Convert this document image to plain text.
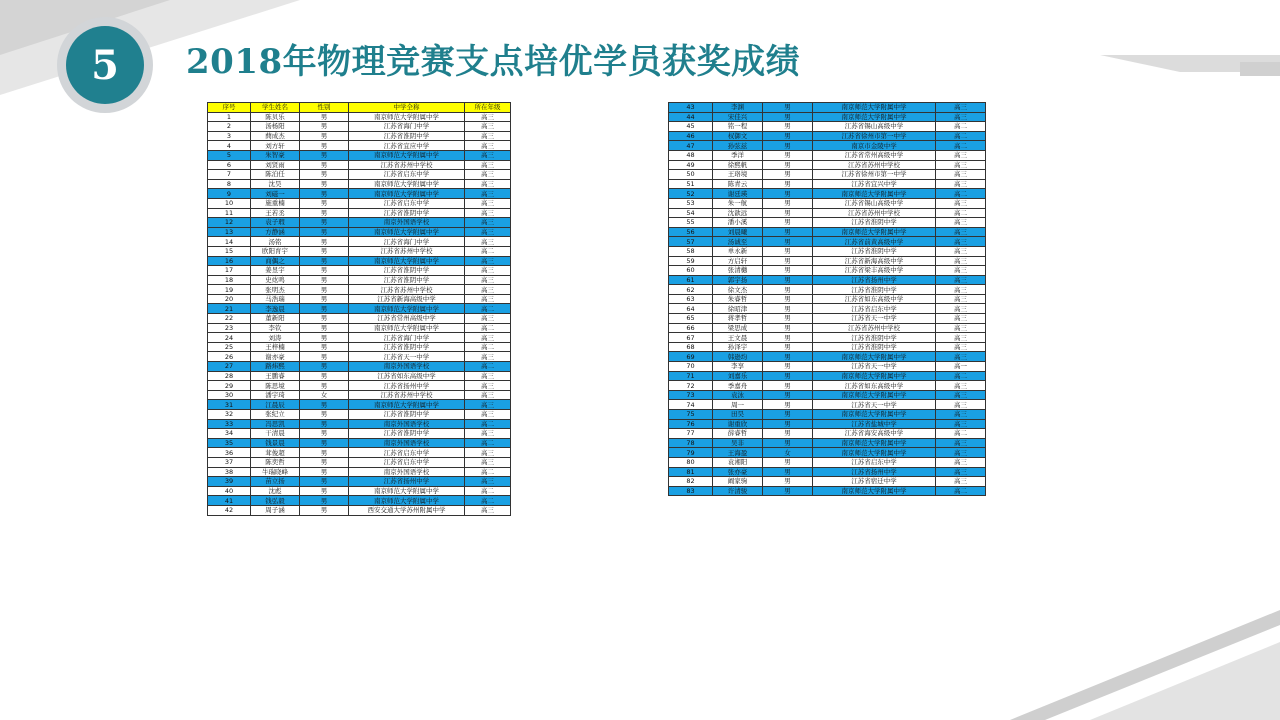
5	2018年物理竞赛支点培优学员获奖成绩
序号	学生姓名	性别	中学全称	所在年级
1	陈贝乐	男	南京师范大学附属中学	高三
2	汤杨阳	男	江苏省海门中学	高三
3	蔄成杰	男	江苏省淮阴中学	高三
4	刘方轩	男	江苏省宜应中学	高三
5	朱智豪	男	南京师范大学附属中学	高三
6	刘贤雨	男	江苏省苏州中学校	高三
7	陈泊任	男	江苏省启东中学	高三
8	沈昊	男	南京师范大学附属中学	高三
9	刘磁一	男	南京师范大学附属中学	高三
10	施重楠	男	江苏省启东中学	高三
11	王若丞	男	江苏省淮阴中学	高三
12	袁子瑕	男	南京外国语学校	高三
13	方静涵	男	南京师范大学附属中学	高三
14	汤铭	男	江苏省海门中学	高三
15	欧阳育宇	男	江苏省苏州中学校	高二
16	商偶之	男	南京师范大学附属中学	高三
17	姜昱宇	男	江苏省淮阴中学	高三
18	史竑鸣	男	江苏省淮阴中学	高三
19	张明杰	男	江苏省苏州中学校	高三
20	马浩瑞	男	江苏省新海高级中学	高三
21	李逸晨	男	南京师范大学附属中学	高二
22	董新阳	男	江苏省常州高级中学	高三
23	李钦	男	南京师范大学附属中学	高二
24	刘涛	男	江苏省海门中学	高三
25	王梓楠	男	江苏省淮阴中学	高二
26	谢亦豪	男	江苏省天一中学	高三
27	路炜熙	男	南京外国语学校	高二
28	王鹏睿	男	江苏省如东高级中学	高三
29	陈思境	男	江苏省扬州中学	高三
30	潘宇琦	女	江苏省苏州中学校	高三
31	江晨辰	男	南京师范大学附属中学	高三
32	张纪立	男	江苏省淮阴中学	高三
33	冯思凯	男	南京外国语学校	高二
34	干清晨	男	江苏省淮阴中学	高三
35	钱景晨	男	南京外国语学校	高二
36	茸俊超	男	江苏省启东中学	高三
37	陈奕哲	男	江苏省启东中学	高三
38	牛瑞晓峰	男	南京外国语学校	高二
39	苗立扬	男	江苏省扬州中学	高三
40	沈彪	男	南京师范大学附属中学	高二
41	钱弘毅	男	南京师范大学附属中学	高二
42	周子涵	男	西安交通大学苏州附属中学	高三
43	李渊	男	南京师范大学附属中学	高三
44	宋佳兴	男	南京师范大学附属中学	高三
45	铭一程	男	江苏省锡山高级中学	高二
46	权御文	男	江苏省徐州市第一中学	高二
47	孙弦兹	男	南京市金陵中学	高二
48	季洋	男	江苏省常州高级中学	高三
49	徐熙帆	男	江苏省苏州中学校	高三
50	王珞境	男	江苏省徐州市第一中学	高三
51	陈青云	男	江苏省宜兴中学	高三
52	谢廷瑛	男	南京师范大学附属中学	高二
53	朱一航	男	江苏省锡山高级中学	高三
54	沈歆远	男	江苏省苏州中学校	高二
55	潘小溪	男	江苏省淮阴中学	高三
56	刘晨曦	男	南京师范大学附属中学	高三
57	汤诚至	男	江苏省前黄高级中学	高三
58	单永新	男	江苏省淮阴中学	高三
59	方启轩	男	江苏省新海高级中学	高三
60	张清樾	男	江苏省梁丰高级中学	高三
61	郭宇扬	男	江苏省扬州中学	高三
62	徐文杰	男	江苏省淮阴中学	高三
63	朱睿哲	男	江苏省如东高级中学	高三
64	徐昭津	男	江苏省启东中学	高三
65	蒋孝哲	男	江苏省天一中学	高三
66	梁思成	男	江苏省苏州中学校	高三
67	王文晨	男	江苏省淮阴中学	高三
68	孙泽宇	男	江苏省淮阴中学	高三
69	韩逊均	男	南京师范大学附属中学	高三
70	李享	男	江苏省天一中学	高一
71	刘嘉乐	男	南京师范大学附属中学	高二
72	季嘉舟	男	江苏省如东高级中学	高三
73	袁泳	男	南京师范大学附属中学	高三
74	周一	男	江苏省天一中学	高三
75	田昊	男	南京师范大学附属中学	高三
76	谢重欣	男	江苏省盐城中学	高三
77	薛睿哲	男	江苏省海安高级中学	高二
78	吴非	男	南京师范大学附属中学	高三
79	王海盈	女	南京师范大学附属中学	高三
80	袁湘阳	男	江苏省启东中学	高三
81	张亦豪	男	江苏省扬州中学	高三
82	阚家驹	男	江苏省宿迁中学	高三
83	许清骏	男	南京师范大学附属中学	高二
